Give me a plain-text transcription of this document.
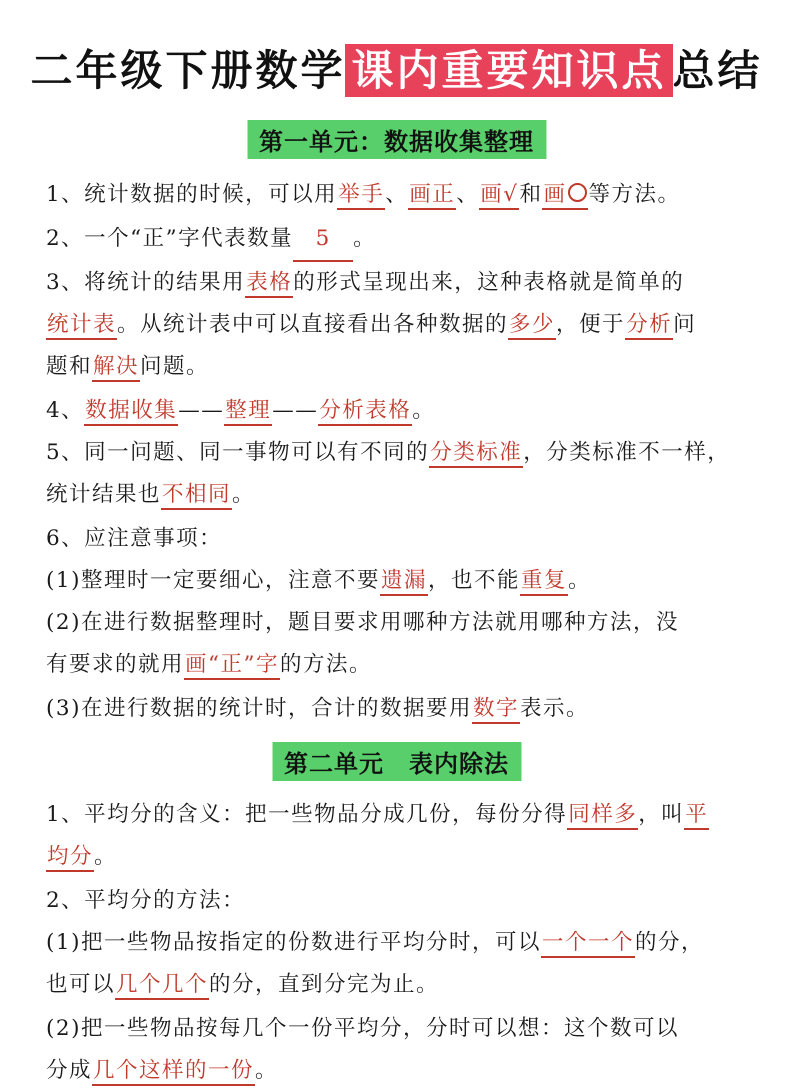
二年级下册数学 课内重要知识点 总结
第一单元：数据收集整理
1、统计数据的时候，可以用举手、画正、画√和画 等方法。
2、一个“正”字代表数量 5 。
3、将统计的结果用表格的形式呈现出来，这种表格就是简单的
统计表。从统计表中可以直接看出各种数据的多少，便于分析问
题和解决问题。
4、数据收集——整理——分析表格。
5、同一问题、同一事物可以有不同的分类标准，分类标准不一样，
统计结果也不相同。
6、应注意事项：
(1)整理时一定要细心，注意不要遗漏，也不能重复。
(2)在进行数据整理时，题目要求用哪种方法就用哪种方法，没
有要求的就用画“正”字的方法。
(3)在进行数据的统计时，合计的数据要用数字表示。
第二单元　表内除法
1、平均分的含义：把一些物品分成几份，每份分得同样多，叫平
均分。
2、平均分的方法：
(1)把一些物品按指定的份数进行平均分时，可以一个一个的分，
也可以几个几个的分，直到分完为止。
(2)把一些物品按每几个一份平均分，分时可以想：这个数可以
分成几个这样的一份。
